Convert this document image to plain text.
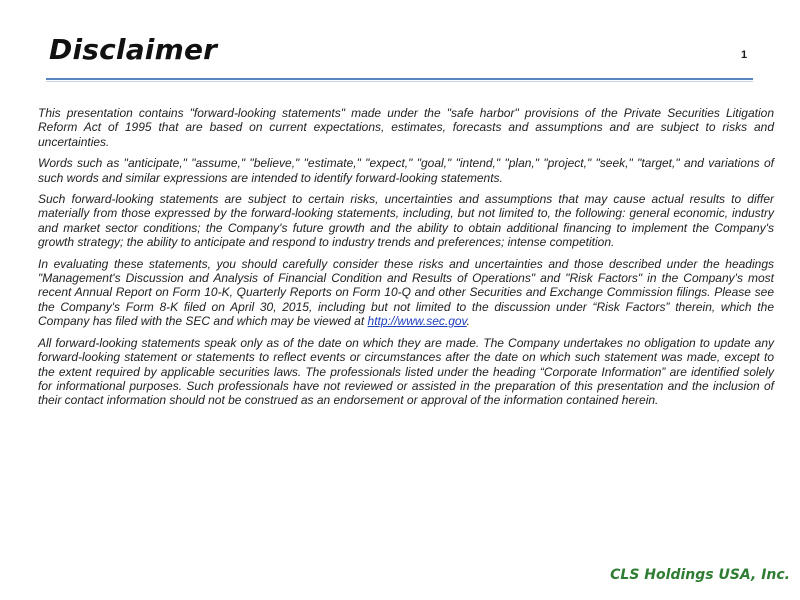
Disclaimer	1

This presentation contains "forward-looking statements" made under the "safe harbor" provisions of the Private Securities Litigation Reform Act of 1995 that are based on current expectations, estimates, forecasts and assumptions and are subject to risks and uncertainties.

Words such as "anticipate," "assume," "believe," "estimate," "expect," "goal," "intend," "plan," "project," "seek," "target," and variations of such words and similar expressions are intended to identify forward-looking statements.

Such forward-looking statements are subject to certain risks, uncertainties and assumptions that may cause actual results to differ materially from those expressed by the forward-looking statements, including, but not limited to, the following: general economic, industry and market sector conditions; the Company's future growth and the ability to obtain additional financing to implement the Company's growth strategy; the ability to anticipate and respond to industry trends and preferences; intense competition.

In evaluating these statements, you should carefully consider these risks and uncertainties and those described under the headings "Management's Discussion and Analysis of Financial Condition and Results of Operations" and "Risk Factors" in the Company's most recent Annual Report on Form 10-K, Quarterly Reports on Form 10-Q and other Securities and Exchange Commission filings. Please see the Company's Form 8-K filed on April 30, 2015, including but not limited to the discussion under “Risk Factors” therein, which the Company has filed with the SEC and which may be viewed at http://www.sec.gov.

All forward-looking statements speak only as of the date on which they are made. The Company undertakes no obligation to update any forward-looking statement or statements to reflect events or circumstances after the date on which such statement was made, except to the extent required by applicable securities laws. The professionals listed under the heading “Corporate Information” are identified solely for informational purposes. Such professionals have not reviewed or assisted in the preparation of this presentation and the inclusion of their contact information should not be construed as an endorsement or approval of the information contained herein.

CLS Holdings USA, Inc.
